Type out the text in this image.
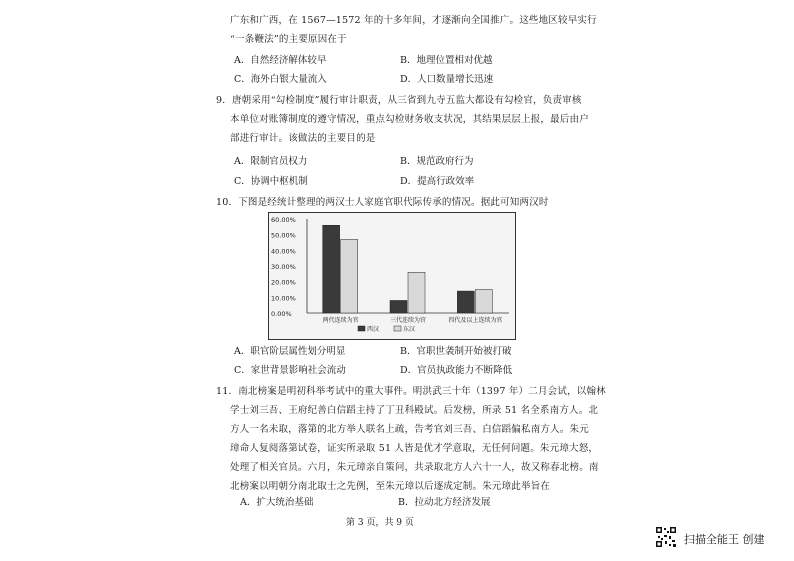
广东和广西，在 1567—1572 年的十多年间，才逐渐向全国推广。这些地区较早实行
“一条鞭法”的主要原因在于
A．自然经济解体较早	B．地理位置相对优越
C．海外白银大量流入	D．人口数量增长迅速
9．唐朝采用“勾检制度”履行审计职责，从三省到九寺五监大都设有勾检官，负责审核
本单位对账簿制度的遵守情况，重点勾检财务收支状况，其结果层层上报，最后由户
部进行审计。该做法的主要目的是
A．限制官员权力	B．规范政府行为
C．协调中枢机制	D．提高行政效率
10．下图是经统计整理的两汉士人家庭官职代际传承的情况。据此可知两汉时
0.00%
10.00%
20.00%
30.00%
40.00%
50.00%
60.00%
两代连续为官	三代连续为官	四代及以上连续为官
西汉	东汉
A．职官阶层属性划分明显	B．官职世袭制开始被打破
C．家世背景影响社会流动	D．官员执政能力不断降低
11．南北榜案是明初科举考试中的重大事件。明洪武三十年（1397 年）二月会试，以翰林
学士刘三吾、王府纪善白信蹈主持了丁丑科殿试。后发榜，所录 51 名全系南方人。北
方人一名未取，落第的北方举人联名上疏，告考官刘三吾、白信蹈偏私南方人。朱元
璋命人复阅落第试卷，证实所录取 51 人皆是优才学意取，无任何问题。朱元璋大怒，
处理了相关官员。六月，朱元璋亲自策问，共录取北方人六十一人，故又称春北榜。南
北榜案以明朝分南北取士之先例，至朱元璋以后逐成定制。朱元璋此举旨在
A．扩大统治基础	B．拉动北方经济发展
第 3 页，共 9 页
扫描全能王 创建
